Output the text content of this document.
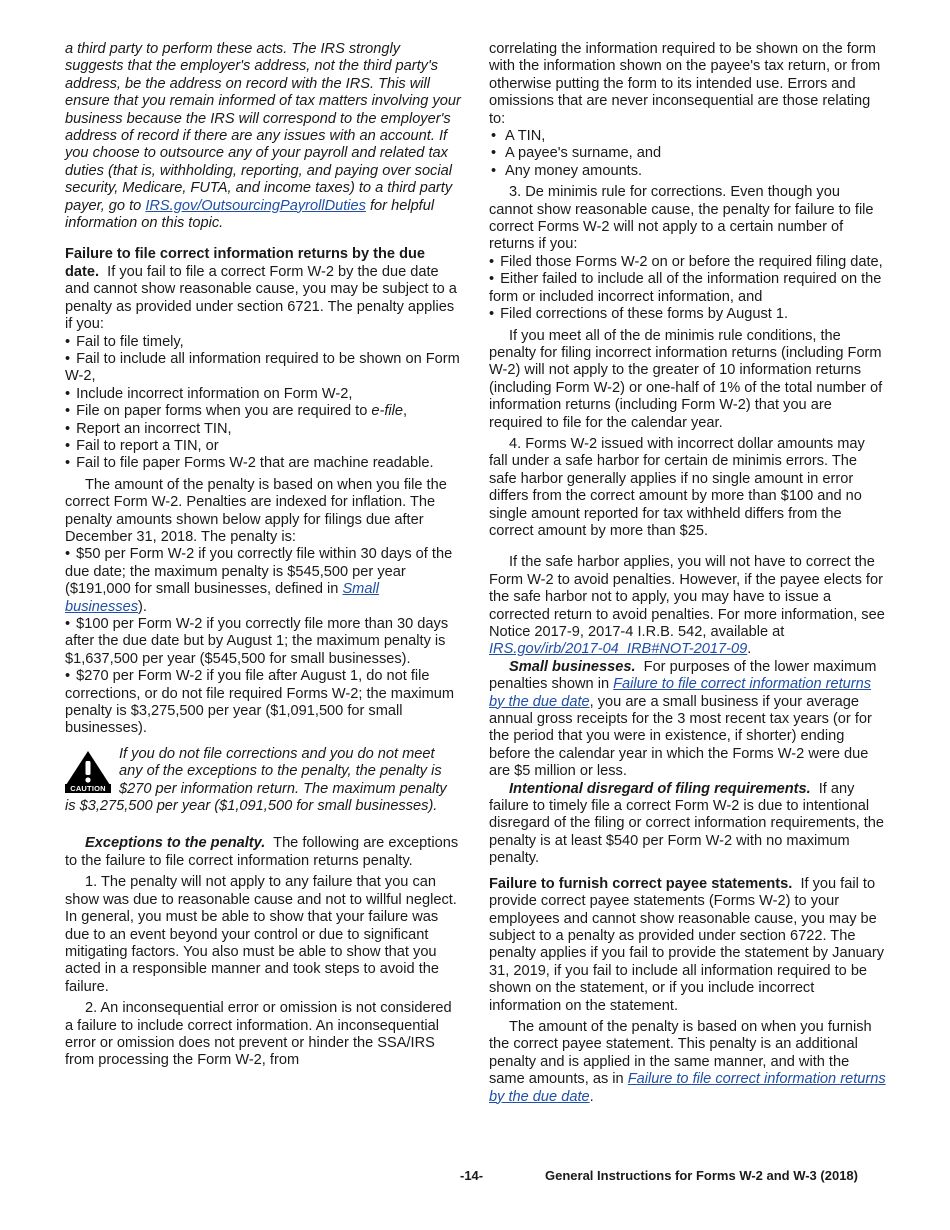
a third party to perform these acts. The IRS strongly suggests that the employer's address, not the third party's address, be the address on record with the IRS. This will ensure that you remain informed of tax matters involving your business because the IRS will correspond to the employer's address of record if there are any issues with an account. If you choose to outsource any of your payroll and related tax duties (that is, withholding, reporting, and paying over social security, Medicare, FUTA, and income taxes) to a third party payer, go to IRS.gov/OutsourcingPayrollDuties for helpful information on this topic.

Failure to file correct information returns by the due date. If you fail to file a correct Form W-2 by the due date and cannot show reasonable cause, you may be subject to a penalty as provided under section 6721. The penalty applies if you:

• Fail to file timely,
• Fail to include all information required to be shown on Form W-2,
• Include incorrect information on Form W-2,
• File on paper forms when you are required to e-file,
• Report an incorrect TIN,
• Fail to report a TIN, or
• Fail to file paper Forms W-2 that are machine readable.

The amount of the penalty is based on when you file the correct Form W-2. Penalties are indexed for inflation. The penalty amounts shown below apply for filings due after December 31, 2018. The penalty is:

• $50 per Form W-2 if you correctly file within 30 days of the due date; the maximum penalty is $545,500 per year ($191,000 for small businesses, defined in Small businesses).
• $100 per Form W-2 if you correctly file more than 30 days after the due date but by August 1; the maximum penalty is $1,637,500 per year ($545,500 for small businesses).
• $270 per Form W-2 if you file after August 1, do not file corrections, or do not file required Forms W-2; the maximum penalty is $3,275,500 per year ($1,091,500 for small businesses).
CAUTION

If you do not file corrections and you do not meet any of the exceptions to the penalty, the penalty is $270 per information return. The maximum penalty is $3,275,500 per year ($1,091,500 for small businesses).

Exceptions to the penalty. The following are exceptions to the failure to file correct information returns penalty.

1. The penalty will not apply to any failure that you can show was due to reasonable cause and not to willful neglect. In general, you must be able to show that your failure was due to an event beyond your control or due to significant mitigating factors. You also must be able to show that you acted in a responsible manner and took steps to avoid the failure.

2. An inconsequential error or omission is not considered a failure to include correct information. An inconsequential error or omission does not prevent or hinder the SSA/IRS from processing the Form W-2, from

correlating the information required to be shown on the form with the information shown on the payee's tax return, or from otherwise putting the form to its intended use. Errors and omissions that are never inconsequential are those relating to:

• A TIN,
• A payee's surname, and
• Any money amounts.

3. De minimis rule for corrections. Even though you cannot show reasonable cause, the penalty for failure to file correct Forms W-2 will not apply to a certain number of returns if you:

• Filed those Forms W-2 on or before the required filing date,
• Either failed to include all of the information required on the form or included incorrect information, and
• Filed corrections of these forms by August 1.

If you meet all of the de minimis rule conditions, the penalty for filing incorrect information returns (including Form W-2) will not apply to the greater of 10 information returns (including Form W-2) or one-half of 1% of the total number of information returns (including Form W-2) that you are required to file for the calendar year.

4. Forms W-2 issued with incorrect dollar amounts may fall under a safe harbor for certain de minimis errors. The safe harbor generally applies if no single amount in error differs from the correct amount by more than $100 and no single amount reported for tax withheld differs from the correct amount by more than $25.

If the safe harbor applies, you will not have to correct the Form W-2 to avoid penalties. However, if the payee elects for the safe harbor not to apply, you may have to issue a corrected return to avoid penalties. For more information, see Notice 2017-9, 2017-4 I.R.B. 542, available at IRS.gov/irb/2017-04_IRB#NOT-2017-09.

Small businesses. For purposes of the lower maximum penalties shown in Failure to file correct information returns by the due date, you are a small business if your average annual gross receipts for the 3 most recent tax years (or for the period that you were in existence, if shorter) ending before the calendar year in which the Forms W-2 were due are $5 million or less.

Intentional disregard of filing requirements. If any failure to timely file a correct Form W-2 is due to intentional disregard of the filing or correct information requirements, the penalty is at least $540 per Form W-2 with no maximum penalty.

Failure to furnish correct payee statements. If you fail to provide correct payee statements (Forms W-2) to your employees and cannot show reasonable cause, you may be subject to a penalty as provided under section 6722. The penalty applies if you fail to provide the statement by January 31, 2019, if you fail to include all information required to be shown on the statement, or if you include incorrect information on the statement.

The amount of the penalty is based on when you furnish the correct payee statement. This penalty is an additional penalty and is applied in the same manner, and with the same amounts, as in Failure to file correct information returns by the due date.

-14-	General Instructions for Forms W-2 and W-3 (2018)
